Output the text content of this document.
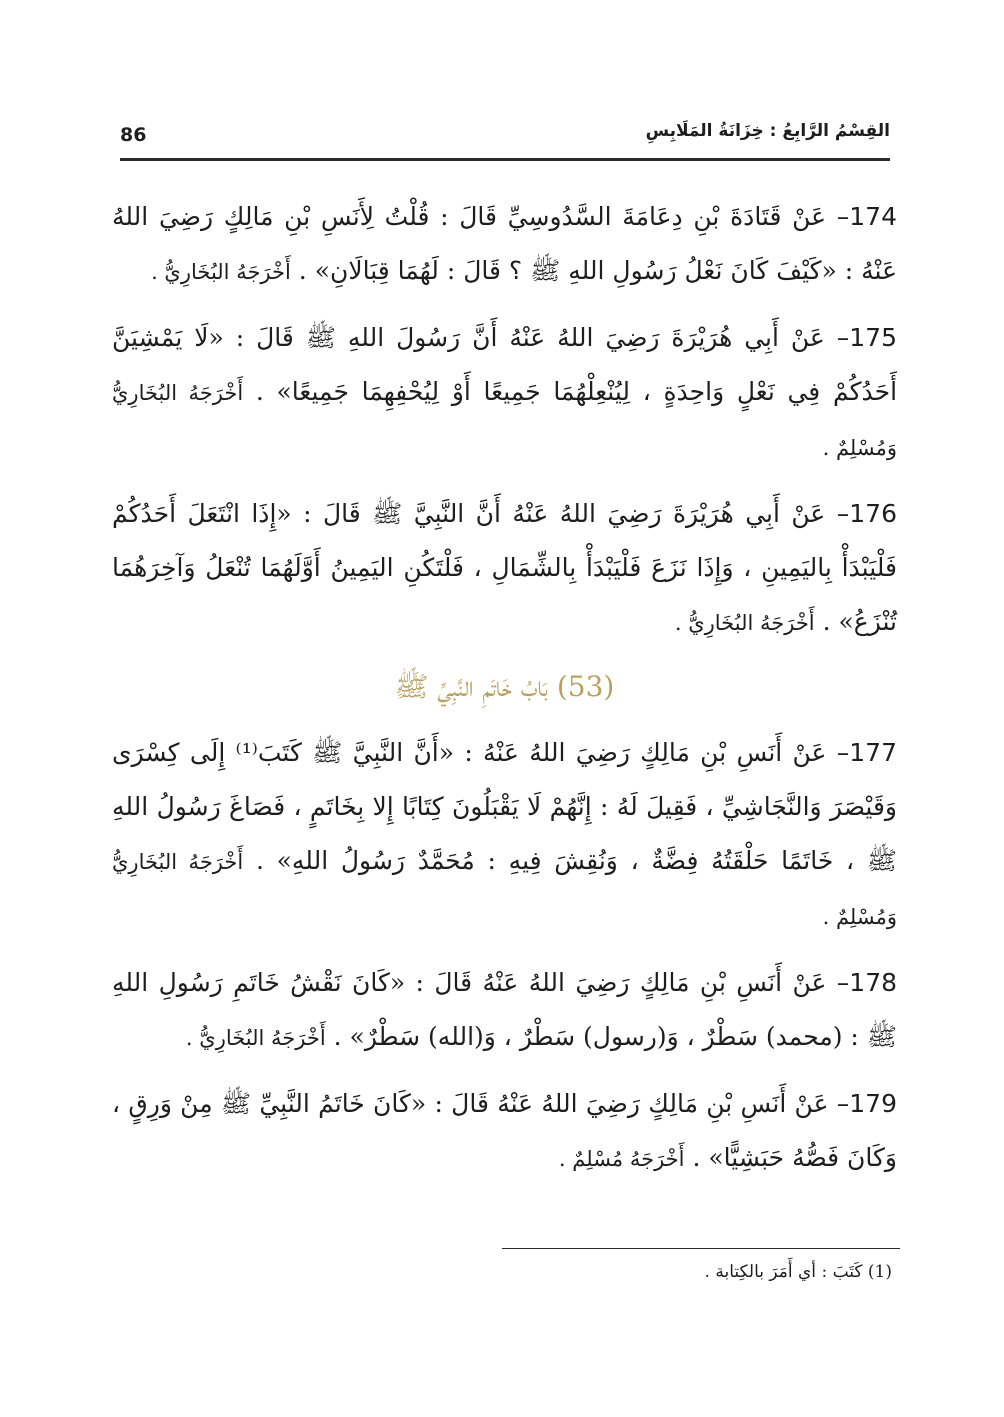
86	القِسْمُ الرَّابِعُ : خِزَانَةُ المَلَابِسِ

174– عَنْ قَتَادَةَ بْنِ دِعَامَةَ السَّدُوسِيِّ قَالَ : قُلْتُ لِأَنَسِ بْنِ مَالِكٍ رَضِيَ اللهُ عَنْهُ : «كَيْفَ كَانَ نَعْلُ رَسُولِ اللهِ ﷺ ؟ قَالَ : لَهُمَا قِبَالَانِ» . أَخْرَجَهُ البُخَارِيُّ .

175– عَنْ أَبِي هُرَيْرَةَ رَضِيَ اللهُ عَنْهُ أَنَّ رَسُولَ اللهِ ﷺ قَالَ : «لَا يَمْشِيَنَّ أَحَدُكُمْ فِي نَعْلٍ وَاحِدَةٍ ، لِيُنْعِلْهُمَا جَمِيعًا أَوْ لِيُحْفِهِمَا جَمِيعًا» . أَخْرَجَهُ البُخَارِيُّ وَمُسْلِمٌ .

176– عَنْ أَبِي هُرَيْرَةَ رَضِيَ اللهُ عَنْهُ أَنَّ النَّبِيَّ ﷺ قَالَ : «إِذَا انْتَعَلَ أَحَدُكُمْ فَلْيَبْدَأْ بِاليَمِينِ ، وَإِذَا نَزَعَ فَلْيَبْدَأْ بِالشِّمَالِ ، فَلْتَكُنِ اليَمِينُ أَوَّلَهُمَا تُنْعَلُ وَآخِرَهُمَا تُنْزَعُ» . أَخْرَجَهُ البُخَارِيُّ .

(53) بَابُ خَاتَمِ النَّبِيِّ ﷺ

177– عَنْ أَنَسِ بْنِ مَالِكٍ رَضِيَ اللهُ عَنْهُ : «أَنَّ النَّبِيَّ ﷺ كَتَبَ⁽¹⁾ إِلَى كِسْرَى وَقَيْصَرَ وَالنَّجَاشِيِّ ، فَقِيلَ لَهُ : إِنَّهُمْ لَا يَقْبَلُونَ كِتَابًا إِلا بِخَاتَمٍ ، فَصَاغَ رَسُولُ اللهِ ﷺ ، خَاتَمًا حَلْقَتُهُ فِضَّةٌ ، وَنُقِشَ فِيهِ : مُحَمَّدٌ رَسُولُ اللهِ» . أَخْرَجَهُ البُخَارِيُّ وَمُسْلِمٌ .

178– عَنْ أَنَسِ بْنِ مَالِكٍ رَضِيَ اللهُ عَنْهُ قَالَ : «كَانَ نَقْشُ خَاتَمِ رَسُولِ اللهِ ﷺ : (محمد) سَطْرٌ ، وَ(رسول) سَطْرٌ ، وَ(الله) سَطْرٌ» . أَخْرَجَهُ البُخَارِيُّ .

179– عَنْ أَنَسِ بْنِ مَالِكٍ رَضِيَ اللهُ عَنْهُ قَالَ : «كَانَ خَاتَمُ النَّبِيِّ ﷺ مِنْ وَرِقٍ ، وَكَانَ فَصُّهُ حَبَشِيًّا» . أَخْرَجَهُ مُسْلِمٌ .

(1) كَتَبَ : أي أَمَرَ بالكِتابة .
